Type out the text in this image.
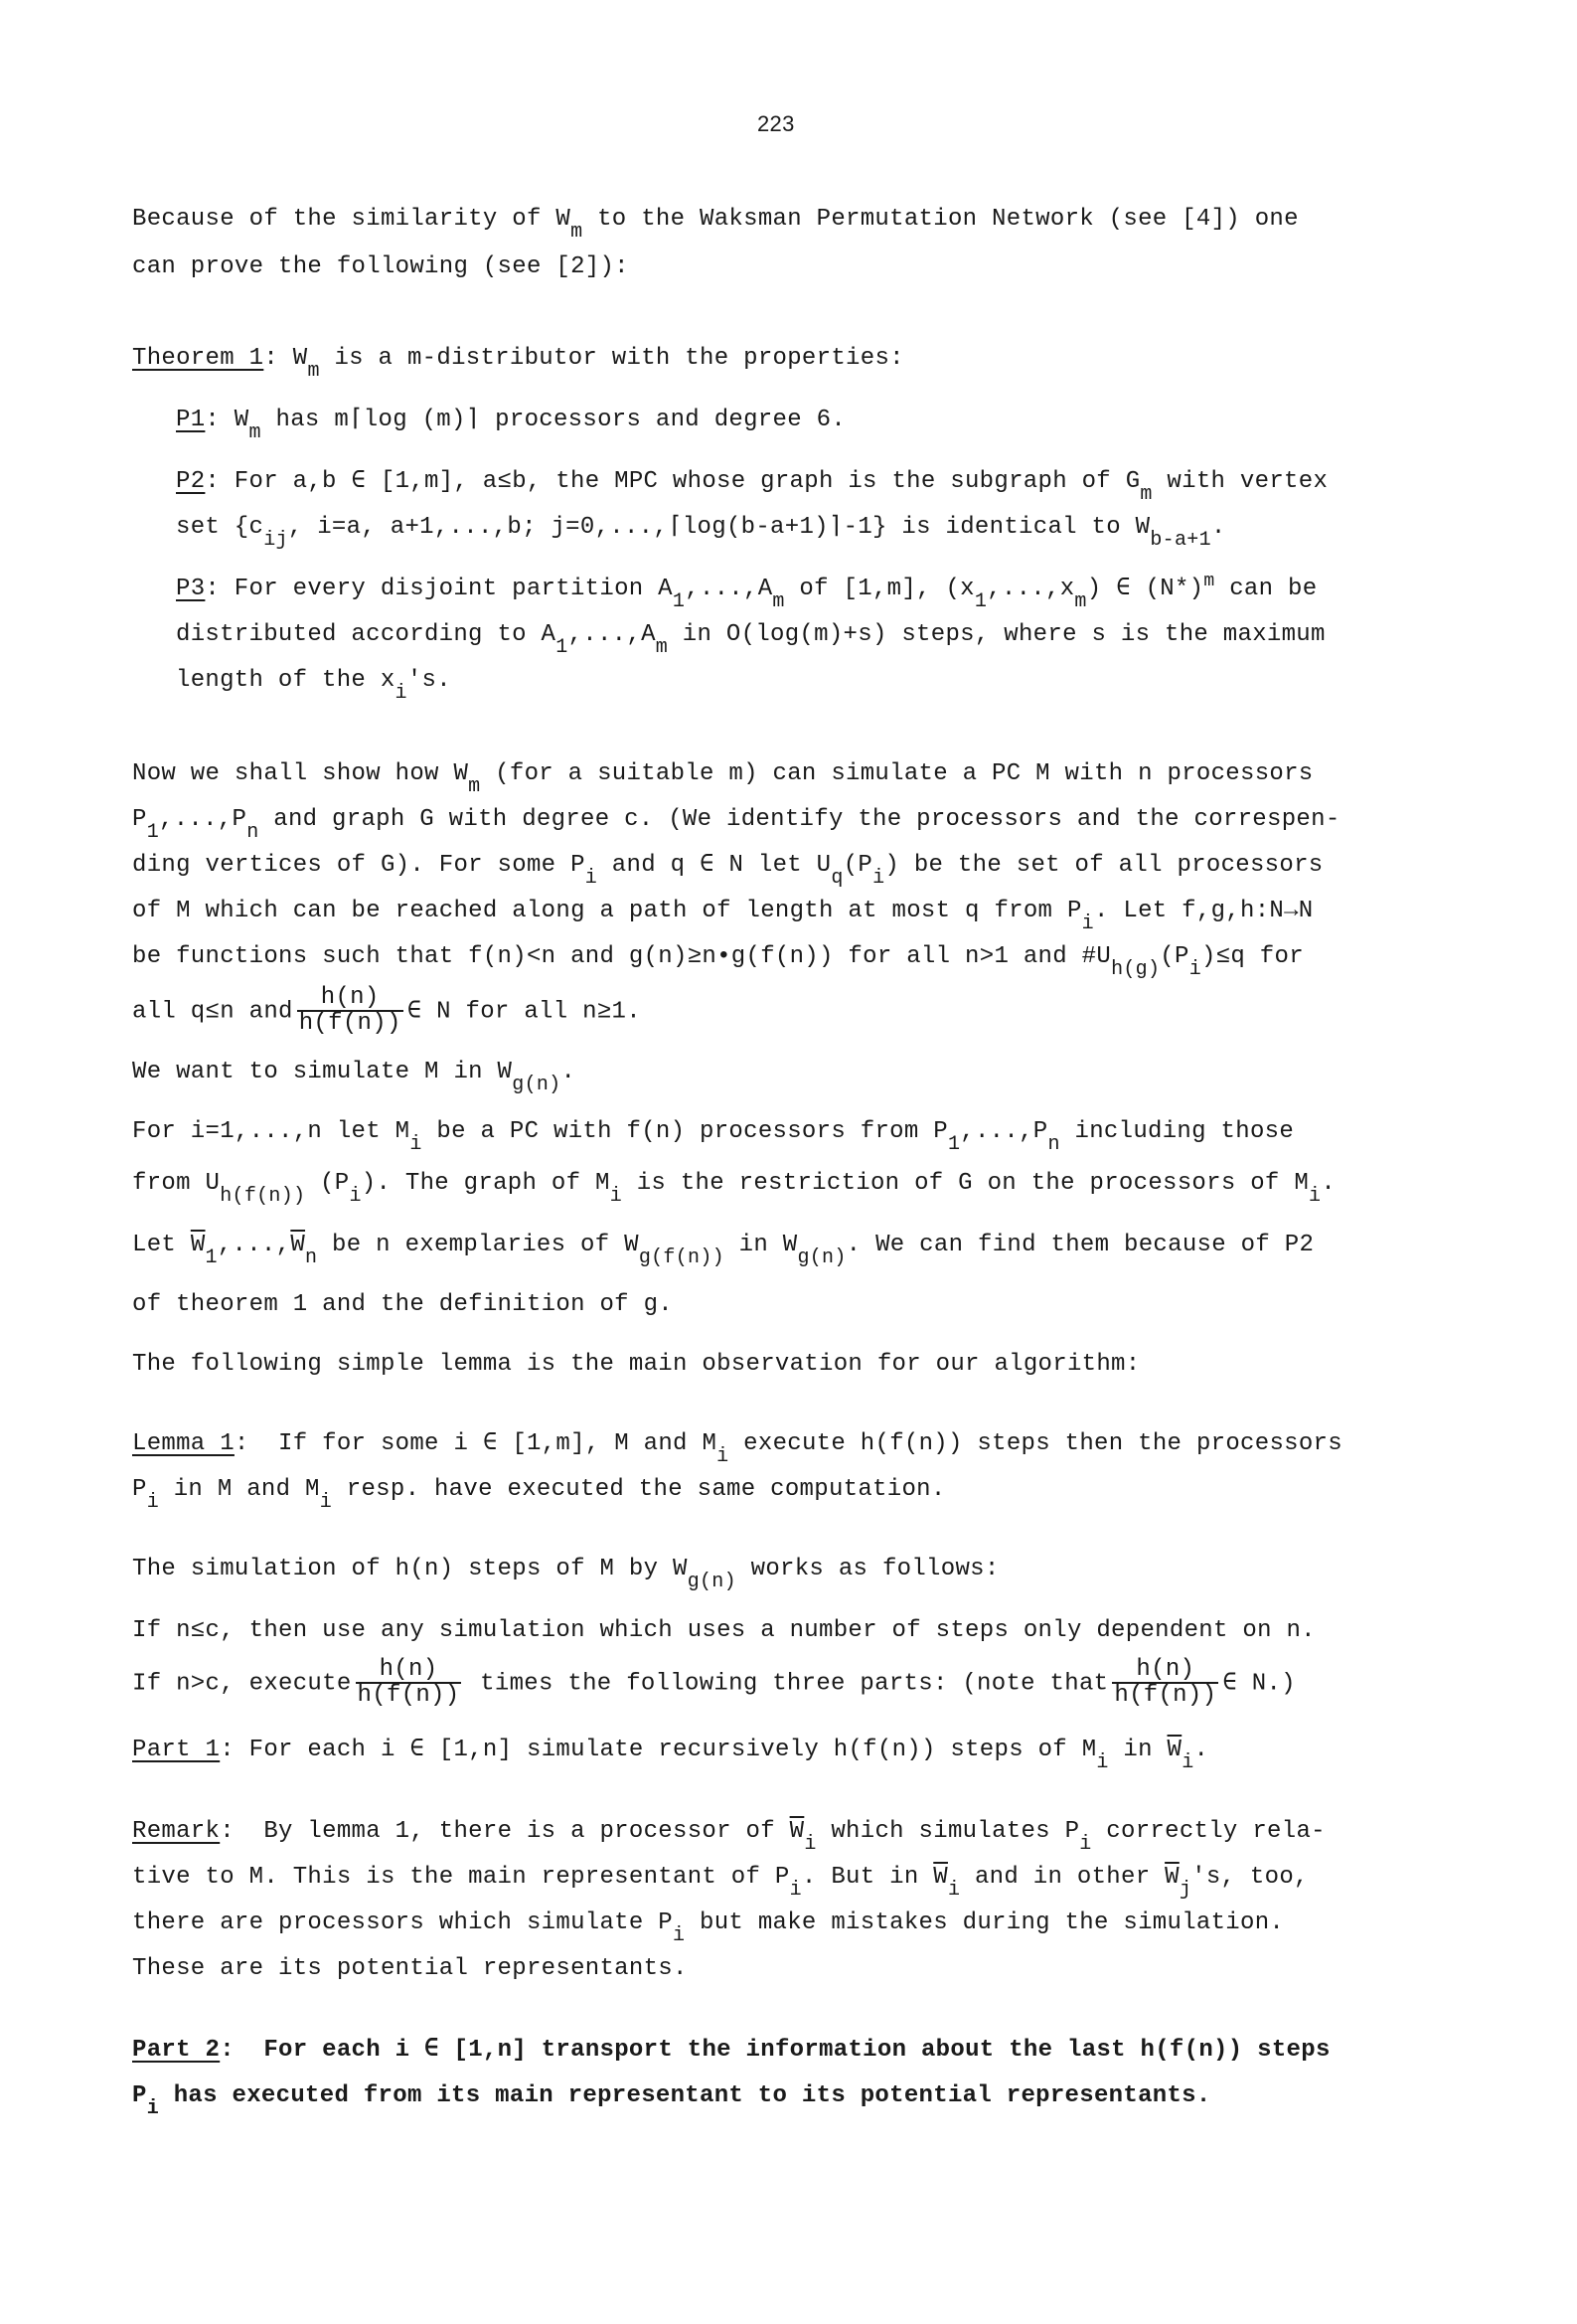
223
Because of the similarity of $W_m$ to the Waksman Permutation Network (see [4]) one
can prove the following (see [2]):
Theorem 1: $W_m$ is a m-distributor with the properties:
P1: $W_m$ has m⌈log (m)⌉ processors and degree 6.
P2: For a,b ∈ [1,m], a≤b, the MPC whose graph is the subgraph of $G_m$ with vertex
set {$c_{ij}$, i=a, a+1,...,b; j=0,...,⌈log(b-a+1)⌉-1} is identical to $W_{b-a+1}$.
P3: For every disjoint partition $A_1,...,A_m$ of [1,m], $(x_1,...,x_m)$ ∈ $(N*)^m$ can be
distributed according to $A_1,...,A_m$ in O(log(m)+s) steps, where s is the maximum
length of the $x_i's$.
Now we shall show how $W_m$ (for a suitable m) can simulate a PC M with n processors
$P_1,...,P_n$ and graph G with degree c. (We identify the processors and the correspen-
ding vertices of G). For some $P_i$ and q ∈ N let $U_q(P_i)$ be the set of all processors
of M which can be reached along a path of length at most q from $P_i$. Let f,g,h:N→N
be functions such that f(n)<n and g(n)≥n•g(f(n)) for all n>1 and $\#U_{h(g)}(P_i)\le q$ for
all q≤n and $\frac{h(n)}{h(f(n))}$ ∈ N for all n≥1.
We want to simulate M in $W_{g(n)}$.
For i=1,...,n let $M_i$ be a PC with f(n) processors from $P_1,...,P_n$ including those
from $U_{h(f(n))}$ $(P_i)$. The graph of $M_i$ is the restriction of G on the processors of $M_i$.
Let $\overline{W}_1,...,\overline{W}_n$ be n exemplaries of $W_{g(f(n))}$ in $W_{g(n)}$. We can find them because of P2
of theorem 1 and the definition of g.
The following simple lemma is the main observation for our algorithm:
Lemma 1:  If for some i ∈ [1,m], M and $M_i$ execute h(f(n)) steps then the processors
$P_i$ in M and $M_i$ resp. have executed the same computation.
The simulation of h(n) steps of M by $W_{g(n)}$ works as follows:
If n≤c, then use any simulation which uses a number of steps only dependent on n.
If n>c, execute $\frac{h(n)}{h(f(n))}$ times the following three parts: (note that $\frac{h(n)}{h(f(n))}$ ∈ N.)
Part 1: For each i ∈ [1,n] simulate recursively h(f(n)) steps of $M_i$ in $\overline{W}_i$.
Remark:  By lemma 1, there is a processor of $\overline{W}_i$ which simulates $P_i$ correctly rela-
tive to M. This is the main representant of $P_i$. But in $\overline{W}_i$ and in other $\overline{W}_j's$, too,
there are processors which simulate $P_i$ but make mistakes during the simulation.
These are its potential representants.
Part 2:  For each i ∈ [1,n] transport the information about the last h(f(n)) steps
$P_i$ has executed from its main representant to its potential representants.
